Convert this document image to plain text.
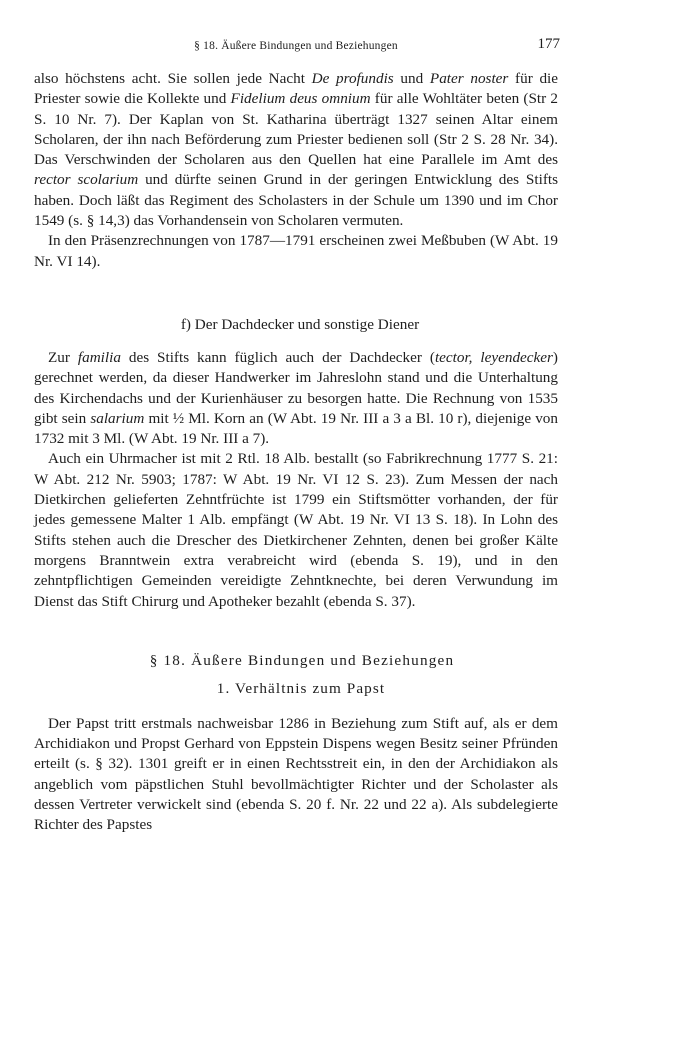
§ 18. Äußere Bindungen und Beziehungen	177

also höchstens acht. Sie sollen jede Nacht De profundis und Pater noster für die Priester sowie die Kollekte und Fidelium deus omnium für alle Wohltäter beten (Str 2 S. 10 Nr. 7). Der Kaplan von St. Katharina überträgt 1327 seinen Altar einem Scholaren, der ihn nach Beförderung zum Priester bedienen soll (Str 2 S. 28 Nr. 34). Das Verschwinden der Scholaren aus den Quellen hat eine Parallele im Amt des rector scolarium und dürfte seinen Grund in der geringen Entwicklung des Stifts haben. Doch läßt das Regiment des Scholasters in der Schule um 1390 und im Chor 1549 (s. § 14,3) das Vorhandensein von Scholaren vermuten.

In den Präsenzrechnungen von 1787—1791 erscheinen zwei Meßbuben (W Abt. 19 Nr. VI 14).

f) Der Dachdecker und sonstige Diener

Zur familia des Stifts kann füglich auch der Dachdecker (tector, leyendecker) gerechnet werden, da dieser Handwerker im Jahreslohn stand und die Unterhaltung des Kirchendachs und der Kurienhäuser zu besorgen hatte. Die Rechnung von 1535 gibt sein salarium mit ½ Ml. Korn an (W Abt. 19 Nr. III a 3 a Bl. 10 r), diejenige von 1732 mit 3 Ml. (W Abt. 19 Nr. III a 7).

Auch ein Uhrmacher ist mit 2 Rtl. 18 Alb. bestallt (so Fabrikrechnung 1777 S. 21: W Abt. 212 Nr. 5903; 1787: W Abt. 19 Nr. VI 12 S. 23). Zum Messen der nach Dietkirchen gelieferten Zehntfrüchte ist 1799 ein Stiftsmötter vorhanden, der für jedes gemessene Malter 1 Alb. empfängt (W Abt. 19 Nr. VI 13 S. 18). In Lohn des Stifts stehen auch die Drescher des Dietkirchener Zehnten, denen bei großer Kälte morgens Branntwein extra verabreicht wird (ebenda S. 19), und in den zehntpflichtigen Gemeinden vereidigte Zehntknechte, bei deren Verwundung im Dienst das Stift Chirurg und Apotheker bezahlt (ebenda S. 37).

§ 18. Äußere Bindungen und Beziehungen
1. Verhältnis zum Papst

Der Papst tritt erstmals nachweisbar 1286 in Beziehung zum Stift auf, als er dem Archidiakon und Propst Gerhard von Eppstein Dispens wegen Besitz seiner Pfründen erteilt (s. § 32). 1301 greift er in einen Rechtsstreit ein, in den der Archidiakon als angeblich vom päpstlichen Stuhl bevollmächtigter Richter und der Scholaster als dessen Vertreter verwickelt sind (ebenda S. 20 f. Nr. 22 und 22 a). Als subdelegierte Richter des Papstes
